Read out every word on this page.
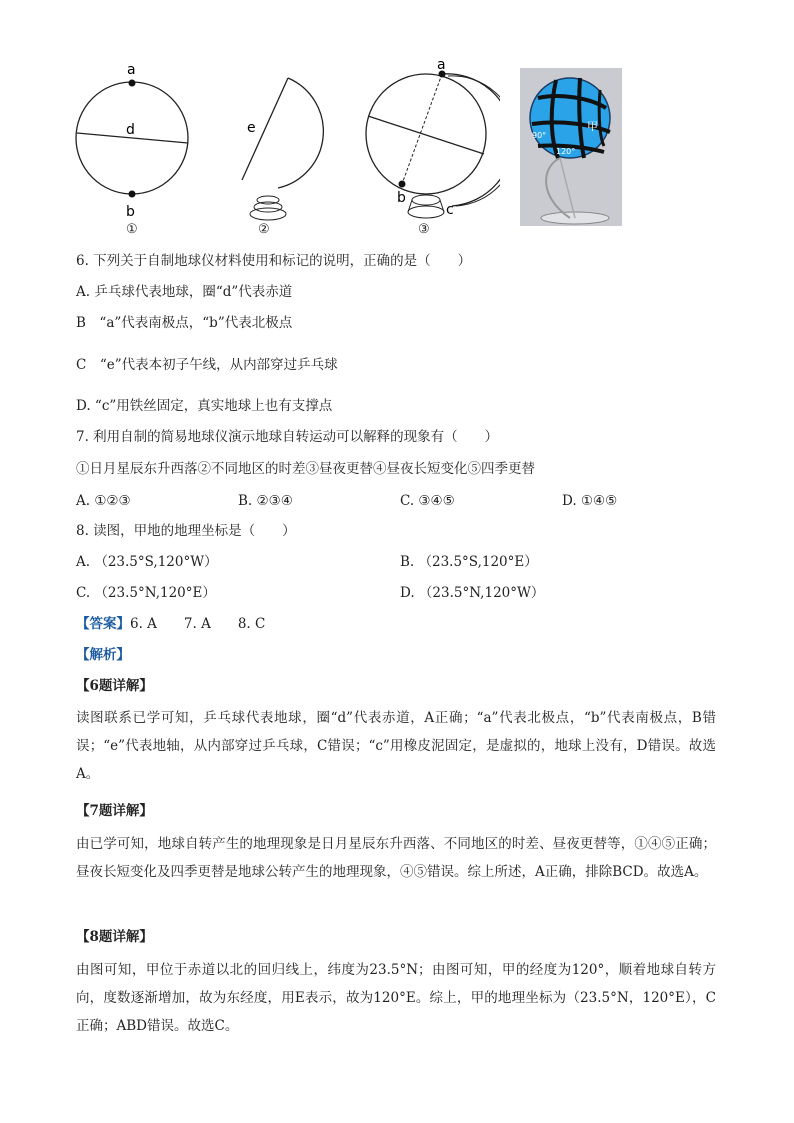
a
d
b
①
e
②
a
b
c
③
90°
120°
甲
6. 下列关于自制地球仪材料使用和标记的说明，正确的是（　　）
A. 乒乓球代表地球，圈“d”代表赤道
B　“a”代表南极点，“b”代表北极点
C　“e”代表本初子午线，从内部穿过乒乓球
D. “c”用铁丝固定，真实地球上也有支撑点
7. 利用自制的简易地球仪演示地球自转运动可以解释的现象有（　　）
①日月星辰东升西落②不同地区的时差③昼夜更替④昼夜长短变化⑤四季更替
A. ①②③	B. ②③④	C. ③④⑤	D. ①④⑤
8. 读图，甲地的地理坐标是（　　）
A. （23.5°S,120°W）	B. （23.5°S,120°E）
C. （23.5°N,120°E）	D. （23.5°N,120°W）
【答案】6. A　　7. A　　8. C
【解析】
【6题详解】
读图联系已学可知，乒乓球代表地球，圈“d”代表赤道，A正确；“a”代表北极点，“b”代表南极点，B错误；“e”代表地轴，从内部穿过乒乓球，C错误；“c”用橡皮泥固定，是虚拟的，地球上没有，D错误。故选A。
【7题详解】
由已学可知，地球自转产生的地理现象是日月星辰东升西落、不同地区的时差、昼夜更替等，①④⑤正确；昼夜长短变化及四季更替是地球公转产生的地理现象，④⑤错误。综上所述，A正确，排除BCD。故选A。
【8题详解】
由图可知，甲位于赤道以北的回归线上，纬度为23.5°N；由图可知，甲的经度为120°，顺着地球自转方向，度数逐渐增加，故为东经度，用E表示，故为120°E。综上，甲的地理坐标为（23.5°N，120°E），C正确；ABD错误。故选C。
